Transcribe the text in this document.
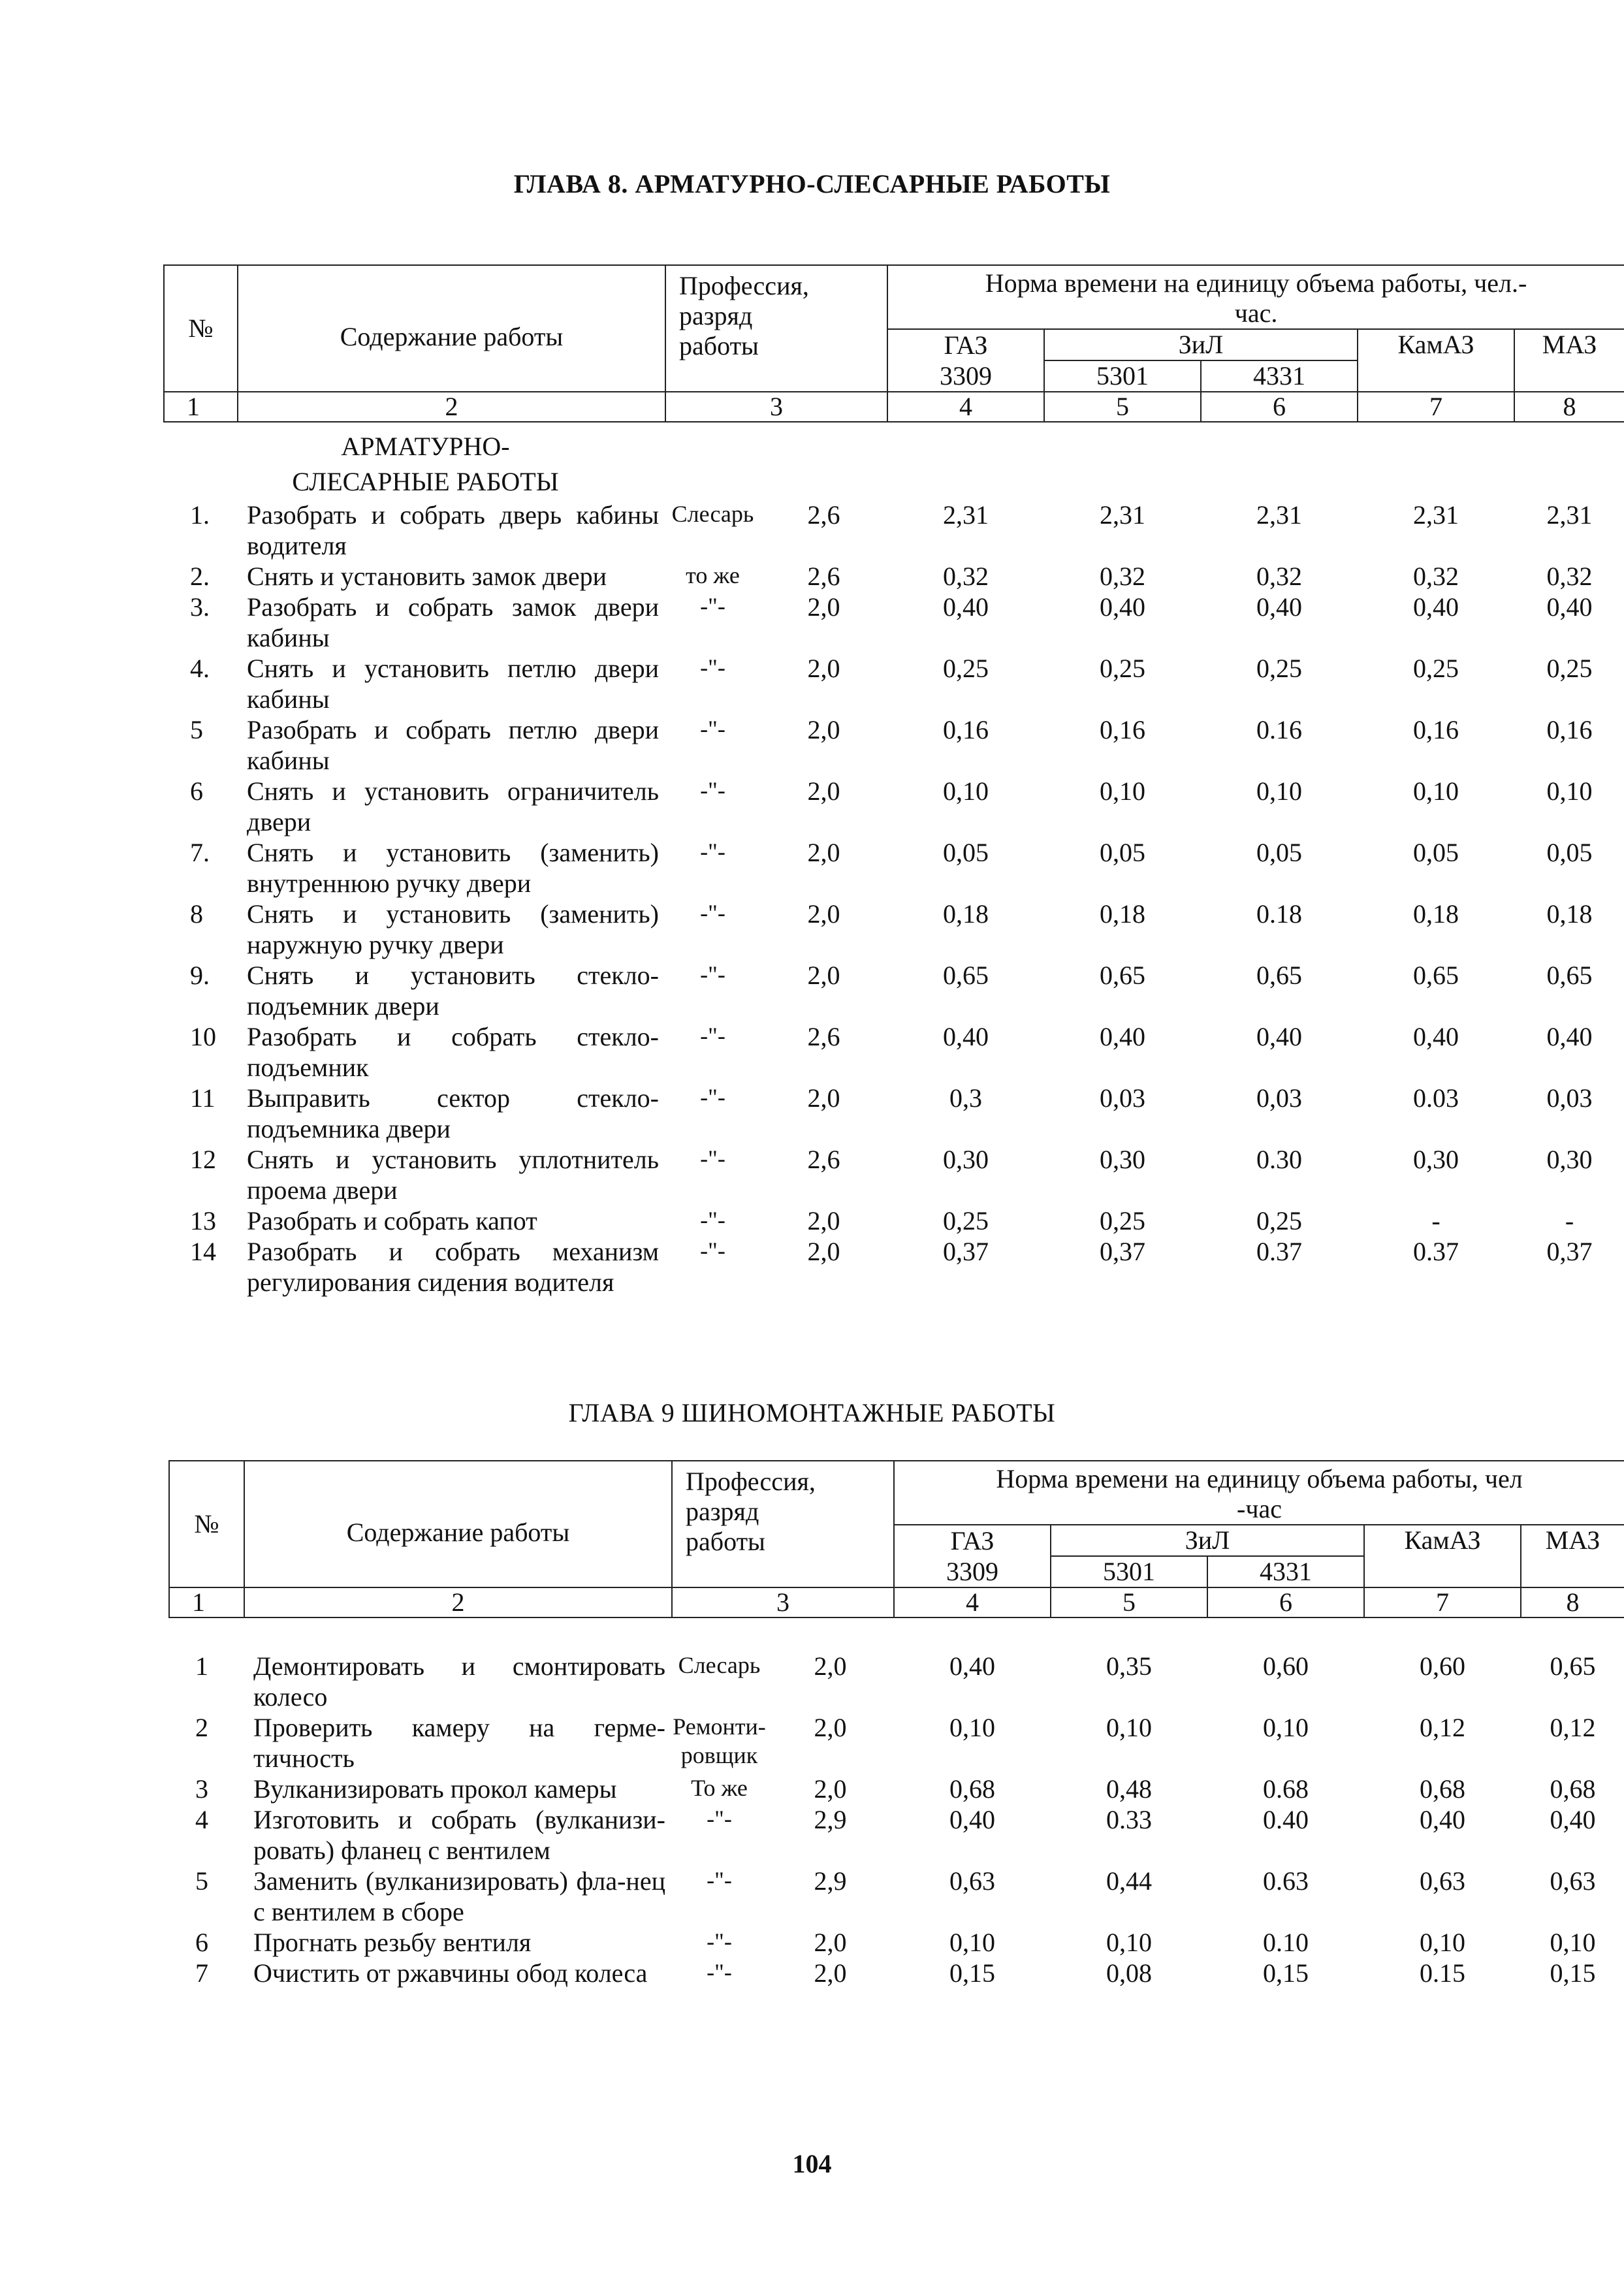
ГЛАВА 8. АРМАТУРНО-СЛЕСАРНЫЕ РАБОТЫ
№	Содержание работы	Профессия, разряд работы		Норма времени на единицу объема работы, чел.-час.				
				ГАЗ	ЗиЛ		КамАЗ	МАЗ
				3309	5301	4331		
1	2	3		4	5	6	7	8
	АРМАТУРНО-СЛЕСАРНЫЕ РАБОТЫ							
1.	Разобрать и собрать дверь кабины водителя	Слесарь	2,6	2,31	2,31	2,31	2,31	2,31
2.	Снять и установить замок двери	то же	2,6	0,32	0,32	0,32	0,32	0,32
3.	Разобрать и собрать замок двери кабины	-"-	2,0	0,40	0,40	0,40	0,40	0,40
4.	Снять и установить петлю двери кабины	-"-	2,0	0,25	0,25	0,25	0,25	0,25
5	Разобрать и собрать петлю двери кабины	-"-	2,0	0,16	0,16	0.16	0,16	0,16
6	Снять и установить ограничитель двери	-"-	2,0	0,10	0,10	0,10	0,10	0,10
7.	Снять и установить (заменить) внутреннюю ручку двери	-"-	2,0	0,05	0,05	0,05	0,05	0,05
8	Снять и установить (заменить) наружную ручку двери	-"-	2,0	0,18	0,18	0.18	0,18	0,18
9.	Снять и установить стекло-подъемник двери	-"-	2,0	0,65	0,65	0,65	0,65	0,65
10	Разобрать и собрать стекло-подъемник	-"-	2,6	0,40	0,40	0,40	0,40	0,40
11	Выправить сектор стекло-подъемника двери	-"-	2,0	0,3	0,03	0,03	0.03	0,03
12	Снять и установить уплотнитель проема двери	-"-	2,6	0,30	0,30	0.30	0,30	0,30
13	Разобрать и собрать капот	-"-	2,0	0,25	0,25	0,25	-	-
14	Разобрать и собрать механизм регулирования сидения водителя	-"-	2,0	0,37	0,37	0.37	0.37	0,37
ГЛАВА 9 ШИНОМОНТАЖНЫЕ РАБОТЫ
№	Содержание работы	Профессия, разряд работы		Норма времени на единицу объема работы, чел -час				
				ГАЗ	ЗиЛ		КамАЗ	МАЗ
				3309	5301	4331		
1	2	3		4	5	6	7	8

1	Демонтировать и смонтировать колесо	Слесарь	2,0	0,40	0,35	0,60	0,60	0,65
2	Проверить камеру на герме-тичность	Ремонти-ровщик	2,0	0,10	0,10	0,10	0,12	0,12
3	Вулканизировать прокол камеры	То же	2,0	0,68	0,48	0.68	0,68	0,68
4	Изготовить и собрать (вулканизи-ровать) фланец с вентилем	-"-	2,9	0,40	0.33	0.40	0,40	0,40
5	Заменить (вулканизировать) фла-нец с вентилем в сборе	-"-	2,9	0,63	0,44	0.63	0,63	0,63
6	Прогнать резьбу вентиля	-"-	2,0	0,10	0,10	0.10	0,10	0,10
7	Очистить от ржавчины обод колеса	-"-	2,0	0,15	0,08	0,15	0.15	0,15
104
